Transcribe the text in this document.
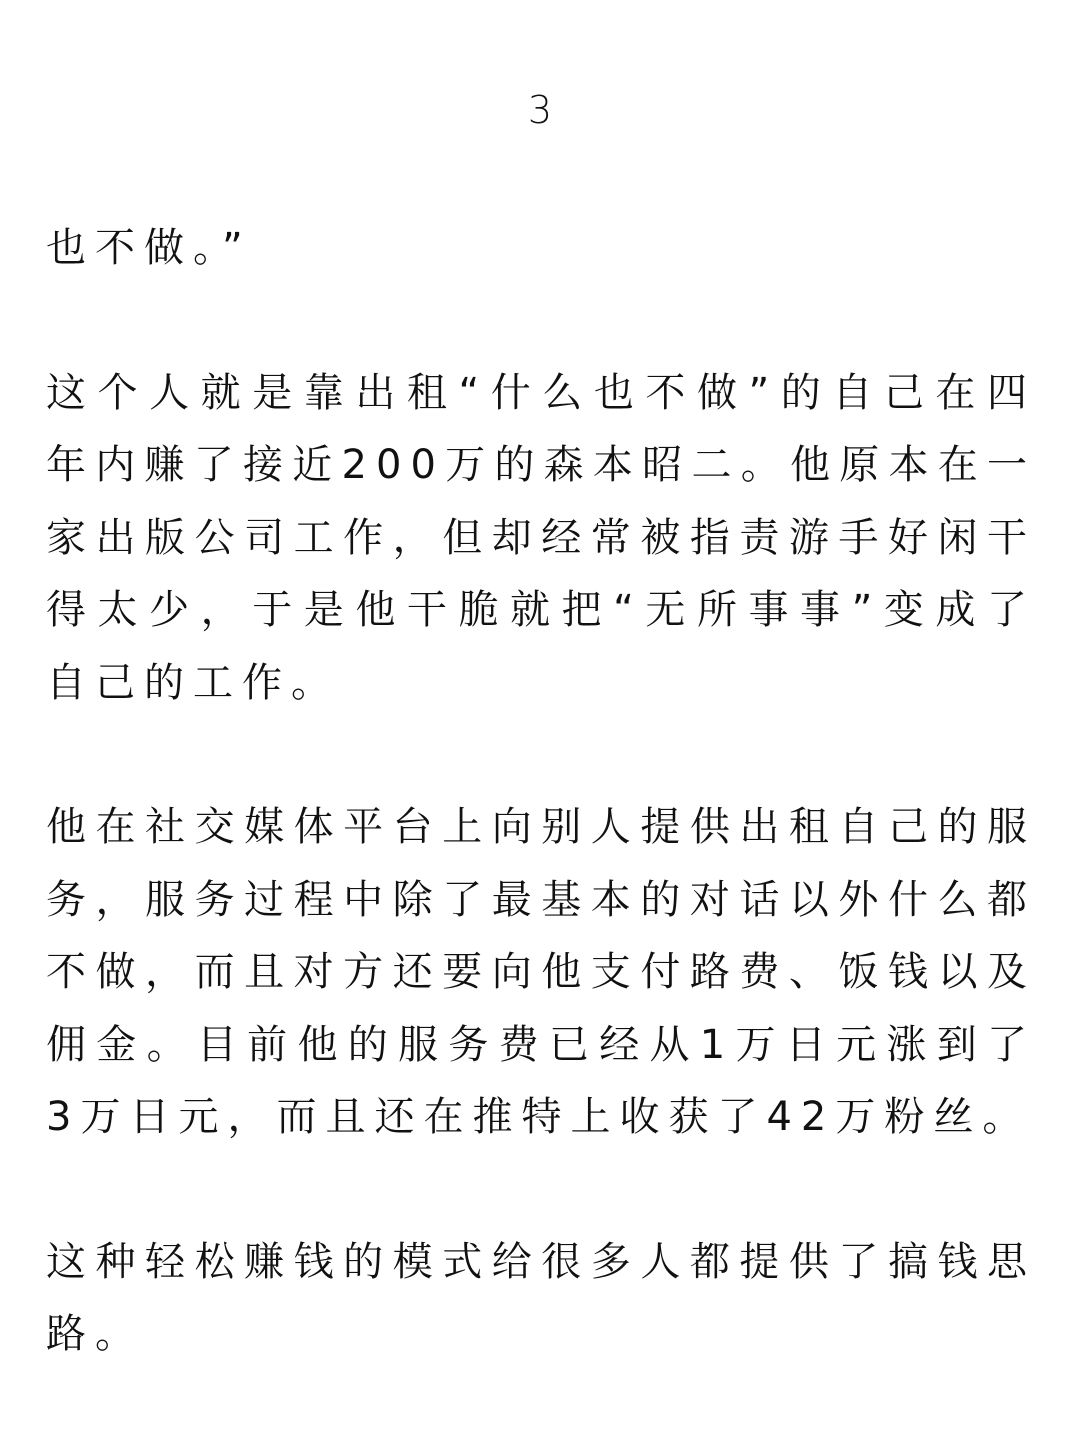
3

也不做。”

这个人就是靠出租“什么也不做”的自己在四年内赚了接近200万的森本昭二。他原本在一家出版公司工作，但却经常被指责游手好闲干得太少，于是他干脆就把“无所事事”变成了自己的工作。

他在社交媒体平台上向别人提供出租自己的服务，服务过程中除了最基本的对话以外什么都不做，而且对方还要向他支付路费、饭钱以及佣金。目前他的服务费已经从1万日元涨到了3万日元，而且还在推特上收获了42万粉丝。

这种轻松赚钱的模式给很多人都提供了搞钱思路。
